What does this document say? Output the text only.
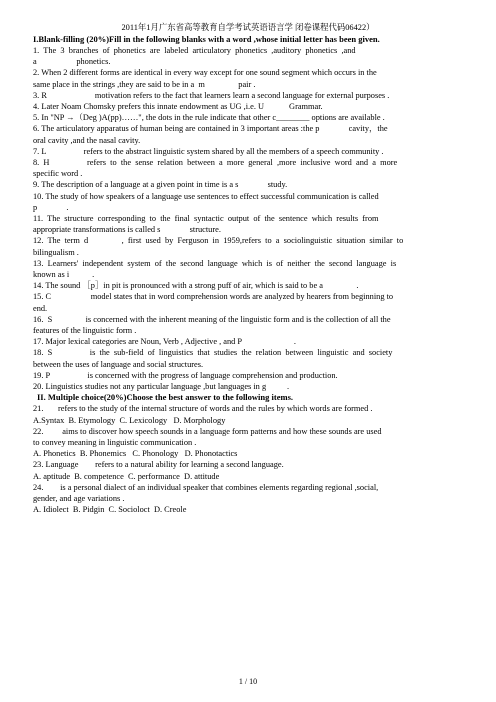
2011年1月广东省高等教育自学考试英语语言学 闭卷课程代码06422）
I.Blank-filling (20%)Fill in the following blanks with a word ,whose initial letter has been given.
1.  The  3  branches  of  phonetics  are  labeled  articulatory  phonetics  ,auditory  phonetics  ,and
a                   phonetics.
2. When 2 different forms are identical in every way except for one sound segment which occurs in the
same place in the strings ,they are said to be in a  m                pair .
3. R                       motivation refers to the fact that learners learn a second language for external purposes .
4. Later Noam Chomsky prefers this innate endowment as UG ,i.e. U            Grammar.
5. In "NP →（Deg )A(pp)……", the dots in the rule indicate that other c________ options are available .
6. The articulatory apparatus of human being are contained in 3 important areas :the p              cavity，the
oral cavity ,and the nasal cavity.
7. L                  refers to the abstract linguistic system shared by all the members of a speech community .
8.  H                  refers  to  the  sense  relation  between  a  more  general  ,more  inclusive  word  and  a  more
specific word .
9. The description of a language at a given point in time is a s              study.
10. The study of how speakers of a language use sentences to effect successful communication is called
p              .
11.  The  structure  corresponding  to  the  final  syntactic  output  of  the  sentence  which  results  from
appropriate transformations is called s              structure.
12.  The  term  d                ,  first  used  by  Ferguson  in  1959,refers  to  a  sociolinguistic  situation  similar  to
bilingualism .
13.  Learners'  independent  system  of  the  second  language  which  is  of  neither  the  second  language  is
known as i           .
14. The sound ［p］in pit is pronounced with a strong puff of air, which is said to be a                .
15. C                   model states that in word comprehension words are analyzed by hearers from beginning to
end.
16.  S                is concerned with the inherent meaning of the linguistic form and is the collection of all the
features of the linguistic form .
17. Major lexical categories are Noun, Verb , Adjective , and P                         .
18.  S                  is  the  sub-field  of  linguistics  that  studies  the  relation  between  linguistic  and  society
between the uses of language and social structures.
19. P                  is concerned with the progress of language comprehension and production.
20. Linguistics studies not any particular language ,but languages in g          .
II. Multiple choice(20%)Choose the best answer to the following items.
21.       refers to the study of the internal structure of words and the rules by which words are formed .
A.Syntax  B. Etymology  C. Lexicology   D. Morphology
22.         aims to discover how speech sounds in a language form patterns and how these sounds are used
to convey meaning in linguistic communication .
A. Phonetics  B. Phonemics   C. Phonology   D. Phonotactics
23. Language        refers to a natural ability for learning a second language.
A. aptitude  B. competence  C. performance  D. attitude
24.        is a personal dialect of an individual speaker that combines elements regarding regional ,social,
gender, and age variations .
A. Idiolect  B. Pidgin  C. Socioloct  D. Creole
1 / 10
